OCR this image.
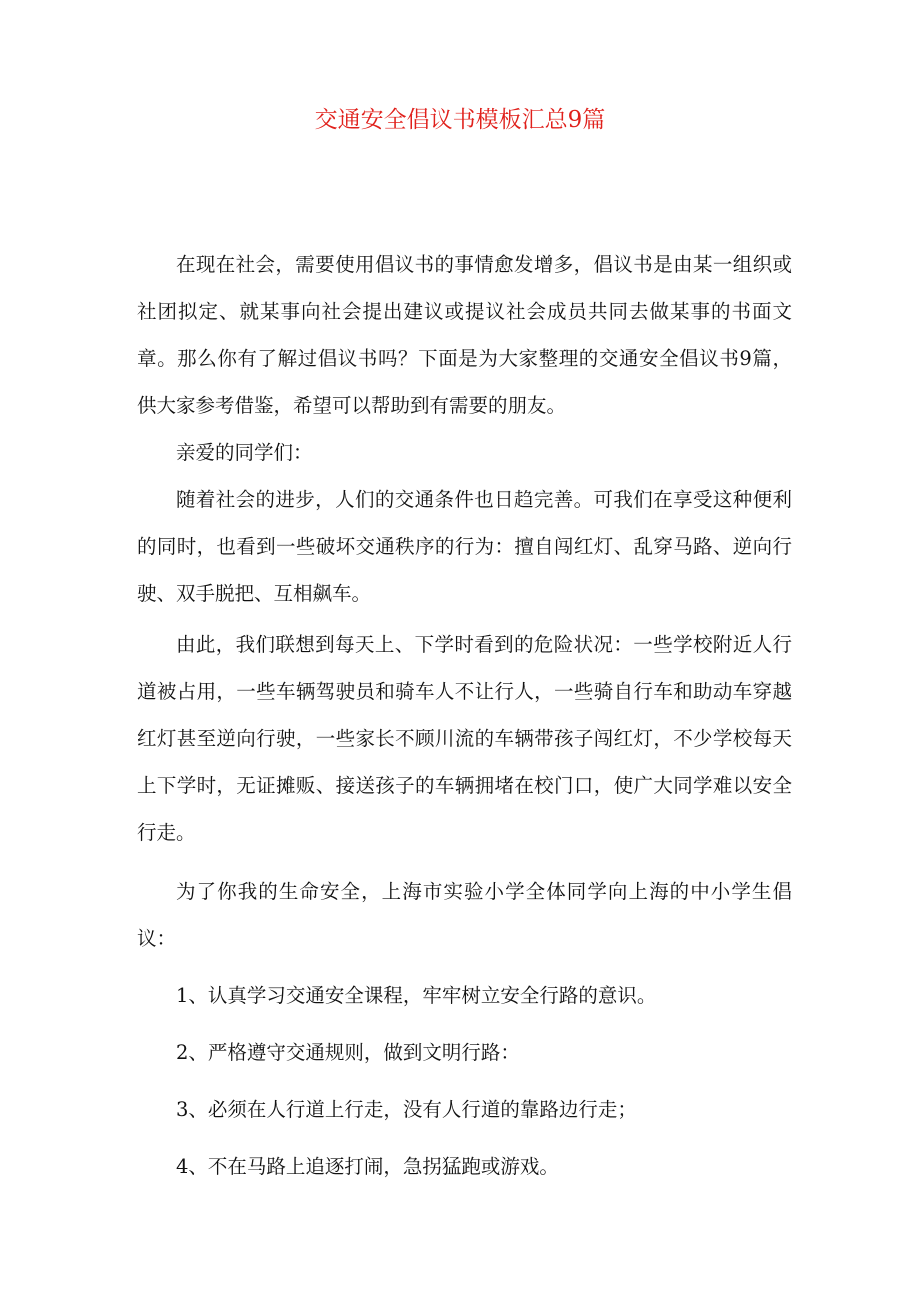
交通安全倡议书模板汇总9篇

在现在社会，需要使用倡议书的事情愈发增多，倡议书是由某一组织或社团拟定、就某事向社会提出建议或提议社会成员共同去做某事的书面文章。那么你有了解过倡议书吗？下面是为大家整理的交通安全倡议书9篇，供大家参考借鉴，希望可以帮助到有需要的朋友。

亲爱的同学们：

随着社会的进步，人们的交通条件也日趋完善。可我们在享受这种便利的同时，也看到一些破坏交通秩序的行为：擅自闯红灯、乱穿马路、逆向行驶、双手脱把、互相飙车。

由此，我们联想到每天上、下学时看到的危险状况：一些学校附近人行道被占用，一些车辆驾驶员和骑车人不让行人，一些骑自行车和助动车穿越红灯甚至逆向行驶，一些家长不顾川流的车辆带孩子闯红灯，不少学校每天上下学时，无证摊贩、接送孩子的车辆拥堵在校门口，使广大同学难以安全行走。

为了你我的生命安全，上海市实验小学全体同学向上海的中小学生倡议：

1、认真学习交通安全课程，牢牢树立安全行路的意识。

2、严格遵守交通规则，做到文明行路：

3、必须在人行道上行走，没有人行道的靠路边行走；

4、不在马路上追逐打闹，急拐猛跑或游戏。
